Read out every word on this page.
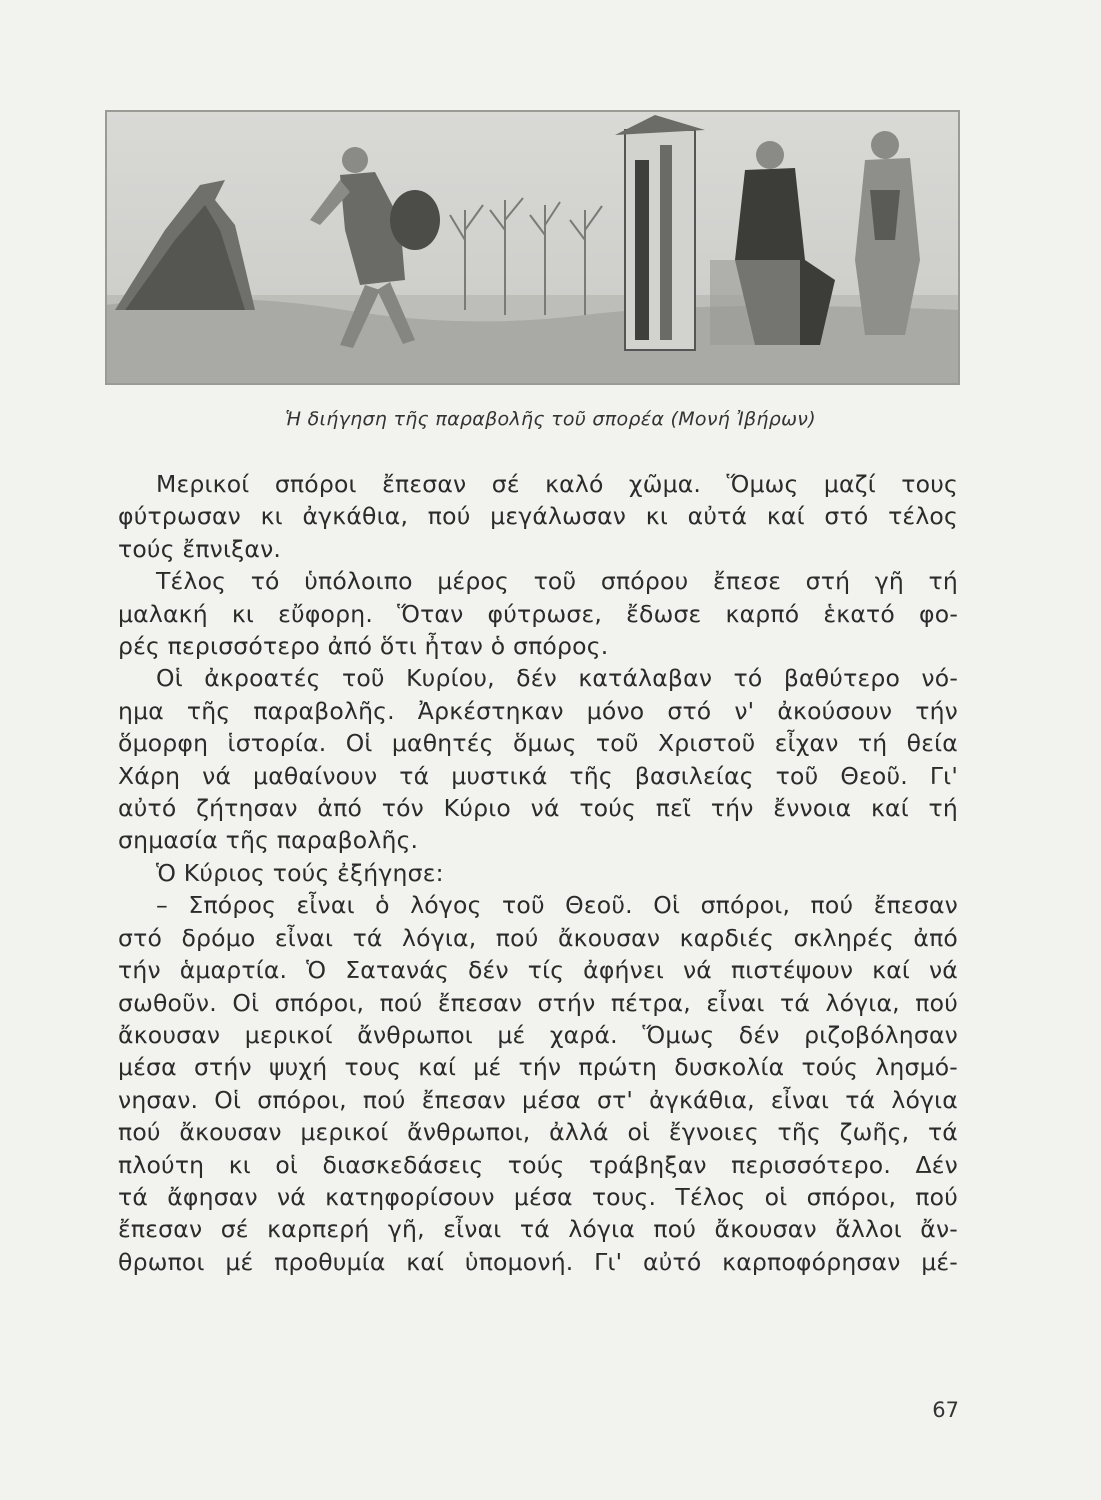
Ἡ διήγηση τῆς παραβολῆς τοῦ σπορέα (Μονή Ἰβήρων)
Μερικοί σπόροι ἔπεσαν σέ καλό χῶμα. Ὅμως μαζί τους
φύτρωσαν κι ἀγκάθια, πού μεγάλωσαν κι αὐτά καί στό τέλος
τούς ἔπνιξαν.
Τέλος τό ὑπόλοιπο μέρος τοῦ σπόρου ἔπεσε στή γῆ τή
μαλακή κι εὔφορη. Ὅταν φύτρωσε, ἔδωσε καρπό ἑκατό φο-
ρές περισσότερο ἀπό ὅτι ἦταν ὁ σπόρος.
Οἱ ἀκροατές τοῦ Κυρίου, δέν κατάλαβαν τό βαθύτερο νό-
ημα τῆς παραβολῆς. Ἀρκέστηκαν μόνο στό ν' ἀκούσουν τήν
ὅμορφη ἱστορία. Οἱ μαθητές ὅμως τοῦ Χριστοῦ εἶχαν τή θεία
Χάρη νά μαθαίνουν τά μυστικά τῆς βασιλείας τοῦ Θεοῦ. Γι'
αὐτό ζήτησαν ἀπό τόν Κύριο νά τούς πεῖ τήν ἔννοια καί τή
σημασία τῆς παραβολῆς.
Ὁ Κύριος τούς ἐξήγησε:
– Σπόρος εἶναι ὁ λόγος τοῦ Θεοῦ. Οἱ σπόροι, πού ἔπεσαν
στό δρόμο εἶναι τά λόγια, πού ἄκουσαν καρδιές σκληρές ἀπό
τήν ἁμαρτία. Ὁ Σατανάς δέν τίς ἀφήνει νά πιστέψουν καί νά
σωθοῦν. Οἱ σπόροι, πού ἔπεσαν στήν πέτρα, εἶναι τά λόγια, πού
ἄκουσαν μερικοί ἄνθρωποι μέ χαρά. Ὅμως δέν ριζοβόλησαν
μέσα στήν ψυχή τους καί μέ τήν πρώτη δυσκολία τούς λησμό-
νησαν. Οἱ σπόροι, πού ἔπεσαν μέσα στ' ἀγκάθια, εἶναι τά λόγια
πού ἄκουσαν μερικοί ἄνθρωποι, ἀλλά οἱ ἔγνοιες τῆς ζωῆς, τά
πλούτη κι οἱ διασκεδάσεις τούς τράβηξαν περισσότερο. Δέν
τά ἄφησαν νά κατηφορίσουν μέσα τους. Τέλος οἱ σπόροι, πού
ἔπεσαν σέ καρπερή γῆ, εἶναι τά λόγια πού ἄκουσαν ἄλλοι ἄν-
θρωποι μέ προθυμία καί ὑπομονή. Γι' αὐτό καρποφόρησαν μέ-
67
